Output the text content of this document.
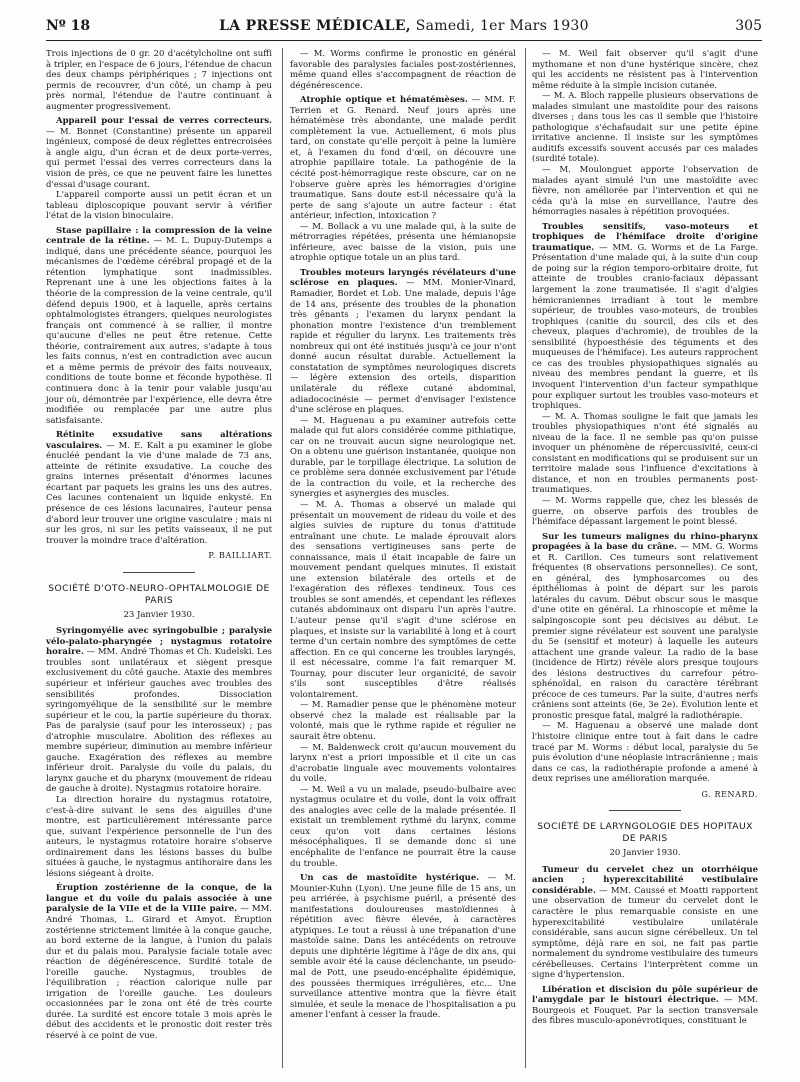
Nº 18	LA PRESSE MÉDICALE, Samedi, 1er Mars 1930	305

Trois injections de 0 gr. 20 d'acétylcholine ont suffi à tripler, en l'espace de 6 jours, l'étendue de chacun des deux champs périphériques ; 7 injections ont permis de recouvrer, d'un côté, un champ à peu près normal, l'étendue de l'autre continuant à augmenter progressivement.

Appareil pour l'essai de verres correcteurs. — M. Bonnet (Constantine) présente un appareil ingénieux, composé de deux réglettes entrecroisées à angle aigu, d'un écran et de deux porte-verres, qui permet l'essai des verres correcteurs dans la vision de près, ce que ne peuvent faire les lunettes d'essai d'usage courant.

L'appareil comporte aussi un petit écran et un tableau diploscopique pouvant servir à vérifier l'état de la vision binoculaire.

Stase papillaire : la compression de la veine centrale de la rétine. — M. L. Dupuy-Dutemps a indiqué, dans une précédente séance, pourquoi les mécanismes de l'œdème cérébral propagé et de la rétention lymphatique sont inadmissibles. Reprenant une à une les objections faites à la théorie de la compression de la veine centrale, qu'il défend depuis 1900, et à laquelle, après certains ophtalmologistes étrangers, quelques neurologistes français ont commencé à se rallier, il montre qu'aucune d'elles ne peut être retenue. Cette théorie, contrairement aux autres, s'adapte à tous les faits connus, n'est en contradiction avec aucun et a même permis de prévoir des faits nouveaux, conditions de toute bonne et féconde hypothèse. Il continuera donc à la tenir pour valable jusqu'au jour où, démontrée par l'expérience, elle devra être modifiée ou remplacée par une autre plus satisfaisante.

Rétinite exsudative sans altérations vasculaires. — M. E. Kalt a pu examiner le globe énucléé pendant la vie d'une malade de 73 ans, atteinte de rétinite exsudative. La couche des grains internes présentait d'énormes lacunes écartant par paquets les grains les uns des autres. Ces lacunes contenaient un liquide enkysté. En présence de ces lésions lacunaires, l'auteur pensa d'abord leur trouver une origine vasculaire ; mais ni sur les gros, ni sur les petits vaisseaux, il ne put trouver la moindre trace d'altération.

P. BAILLIART.

SOCIÉTÉ D'OTO-NEURO-OPHTALMOLOGIE DE PARIS

23 Janvier 1930.

Syringomyélie avec syringobulbie ; paralysie vélo-palato-pharyngée ; nystagmus rotatoire horaire. — MM. André Thomas et Ch. Kudelski. Les troubles sont unilatéraux et siègent presque exclusivement du côté gauche. Ataxie des membres supérieur et inférieur gauches avec troubles des sensibilités profondes. Dissociation syringomyélique de la sensibilité sur le membre supérieur et le cou, la partie supérieure du thorax. Pas de paralysie (sauf pour les interosseux) ; pas d'atrophie musculaire. Abolition des réflexes au membre supérieur, diminution au membre inférieur gauche. Exagération des réflexes au membre inférieur droit. Paralysie du voile du palais, du larynx gauche et du pharynx (mouvement de rideau de gauche à droite). Nystagmus rotatoire horaire.

La direction horaire du nystagmus rotatoire, c'est-à-dire suivant le sens des aiguilles d'une montre, est particulièrement intéressante parce que, suivant l'expérience personnelle de l'un des auteurs, le nystagmus rotatoire horaire s'observe ordinairement dans les lésions basses du bulbe situées à gauche, le nystagmus antihoraire dans les lésions siégeant à droite.

Éruption zostérienne de la conque, de la langue et du voile du palais associée à une paralysie de la VIIe et de la VIIIe paire. — MM. André Thomas, L. Girard et Amyot. Éruption zostérienne strictement limitée à la conque gauche, au bord externe de la langue, à l'union du palais dur et du palais mou. Paralysie faciale totale avec réaction de dégénérescence. Surdité totale de l'oreille gauche. Nystagmus, troubles de l'équilibration ; réaction calorique nulle par irrigation de l'oreille gauche. Les douleurs occasionnées par le zona ont été de très courte durée. La surdité est encore totale 3 mois après le début des accidents et le pronostic doit rester très réservé à ce point de vue.

— M. Worms confirme le pronostic en général favorable des paralysies faciales post-zostériennes, même quand elles s'accompagnent de réaction de dégénérescence.

Atrophie optique et hématémèses. — MM. F. Terrien et G. Renard. Neuf jours après une hématémèse très abondante, une malade perdit complètement la vue. Actuellement, 6 mois plus tard, on constate qu'elle perçoit à peine la lumière et, à l'examen du fond d'œil, on découvre une atrophie papillaire totale. La pathogénie de la cécité post-hémorragique reste obscure, car on ne l'observe guère après les hémorragies d'origine traumatique. Sans doute est-il nécessaire qu'à la perte de sang s'ajoute un autre facteur : état antérieur, infection, intoxication ?

— M. Bollack a vu une malade qui, à la suite de métrorragies répétées, présenta une hémianopsie inférieure, avec baisse de la vision, puis une atrophie optique totale un an plus tard.

Troubles moteurs laryngés révélateurs d'une sclérose en plaques. — MM. Monier-Vinard, Ramadier, Bordet et Lob. Une malade, depuis l'âge de 14 ans, présente des troubles de la phonation très gênants ; l'examen du larynx pendant la phonation montre l'existence d'un tremblement rapide et régulier du larynx. Les traitements très nombreux qui ont été institués jusqu'à ce jour n'ont donné aucun résultat durable. Actuellement la constatation de symptômes neurologiques discrets — légère extension des orteils, disparition unilatérale du réflexe cutané abdominal, adiadococinésie — permet d'envisager l'existence d'une sclérose en plaques.

— M. Haguenau a pu examiner autrefois cette malade qui fut alors considérée comme pithiatique, car on ne trouvait aucun signe neurologique net. On a obtenu une guérison instantanée, quoique non durable, par le torpillage électrique. La solution de ce problème sera donnée exclusivement par l'étude de la contraction du voile, et la recherche des synergies et asynergies des muscles.

— M. A. Thomas a observé un malade qui présentait un mouvement de rideau du voile et des algies suivies de rupture du tonus d'attitude entraînant une chute. Le malade éprouvait alors des sensations vertigineuses sans perte de connaissance, mais il était incapable de faire un mouvement pendant quelques minutes. Il existait une extension bilatérale des orteils et de l'exagération des réflexes tendineux. Tous ces troubles se sont amendés, et cependant les réflexes cutanés abdominaux ont disparu l'un après l'autre. L'auteur pense qu'il s'agit d'une sclérose en plaques, et insiste sur la variabilité à long et à court terme d'un certain nombre des symptômes de cette affection. En ce qui concerne les troubles laryngés, il est nécessaire, comme l'a fait remarquer M. Tournay, pour discuter leur organicité, de savoir s'ils sont susceptibles d'être réalisés volontairement.

— M. Ramadier pense que le phénomène moteur observé chez la malade est réalisable par la volonté, mais que le rythme rapide et régulier ne saurait être obtenu.

— M. Baldenweck croit qu'aucun mouvement du larynx n'est a priori impossible et il cite un cas d'acrobatie linguale avec mouvements volontaires du voile.

— M. Weil a vu un malade, pseudo-bulbaire avec nystagmus oculaire et du voile, dont la voix offrait des analogies avec celle de la malade présentée. Il existait un tremblement rythmé du larynx, comme ceux qu'on voit dans certaines lésions mésocéphaliques. Il se demande donc si une encéphalite de l'enfance ne pourrait être la cause du trouble.

Un cas de mastoïdite hystérique. — M. Mounier-Kuhn (Lyon). Une jeune fille de 15 ans, un peu arriérée, à psychisme puéril, a présenté des manifestations douloureuses mastoïdiennes à répétition avec fièvre élevée, à caractères atypiques. Le tout a réussi à une trépanation d'une mastoïde saine. Dans les antécédents on retrouve depuis une diphtérie légitime à l'âge de dix ans, qui semble avoir été la cause déclenchante, un pseudo-mal de Pott, une pseudo-encéphalite épidémique, des poussées thermiques irrégulières, etc... Une surveillance attentive montra que la fièvre était simulée, et seule la menace de l'hospitalisation a pu amener l'enfant à cesser la fraude.

— M. Weil fait observer qu'il s'agit d'une mythomane et non d'une hystérique sincère, chez qui les accidents ne résistent pas à l'intervention même réduite à la simple incision cutanée.

— M. A. Bloch rappelle plusieurs observations de malades simulant une mastoïdite pour des raisons diverses ; dans tous les cas il semble que l'histoire pathologique s'échafaudait sur une petite épine irritative ancienne. Il insiste sur les symptômes auditifs excessifs souvent accusés par ces malades (surdité totale).

— M. Moulonguet apporte l'observation de malades ayant simulé l'un une mastoïdite avec fièvre, non améliorée par l'intervention et qui ne céda qu'à la mise en surveillance, l'autre des hémorragies nasales à répétition provoquées.

Troubles sensitifs, vaso-moteurs et trophiques de l'hémiface droite d'origine traumatique. — MM. G. Worms et de La Farge. Présentation d'une malade qui, à la suite d'un coup de poing sur la région temporo-orbitaire droite, fut atteinte de troubles cranio-faciaux dépassant largement la zone traumatisée. Il s'agit d'algies hémicraniennes irradiant à tout le membre supérieur, de troubles vaso-moteurs, de troubles trophiques (canitie du sourcil, des cils et des cheveux, plaques d'achromie), de troubles de la sensibilité (hypoesthésie des téguments et des muqueuses de l'hémiface). Les auteurs rapprochent ce cas des troubles physiopathiques signalés au niveau des membres pendant la guerre, et ils invoquent l'intervention d'un facteur sympathique pour expliquer surtout les troubles vaso-moteurs et trophiques.

— M. A. Thomas souligne le fait que jamais les troubles physiopathiques n'ont été signalés au niveau de la face. Il ne semble pas qu'on puisse invoquer un phénomène de répercussivité, ceux-ci consistant en modifications qui se produisent sur un territoire malade sous l'influence d'excitations à distance, et non en troubles permanents post-traumatiques.

— M. Worms rappelle que, chez les blessés de guerre, on observe parfois des troubles de l'hémiface dépassant largement le point blessé.

Sur les tumeurs malignes du rhino-pharynx propagées à la base du crâne. — MM. G. Worms et R. Carillon. Ces tumeurs sont relativement fréquentes (8 observations personnelles). Ce sont, en général, des lymphosarcomes ou des épithéliomas à point de départ sur les parois latérales du cavum. Début obscur sous le masque d'une otite en général. La rhinoscopie et même la salpingoscopie sont peu décisives au début. Le premier signe révélateur est souvent une paralysie du 5e (sensitif et moteur) à laquelle les auteurs attachent une grande valeur. La radio de la base (incidence de Hirtz) révèle alors presque toujours des lésions destructives du carrefour pétro-sphénoïdal, en raison du caractère térébrant précoce de ces tumeurs. Par la suite, d'autres nerfs crâniens sont atteints (6e, 3e 2e). Évolution lente et pronostic presque fatal, malgré la radiothérapie.

— M. Haguenau a observé une malade dont l'histoire clinique entre tout à fait dans le cadre tracé par M. Worms : début local, paralysie du 5e puis évolution d'une néoplasie intracrânienne ; mais dans ce cas, la radiothérapie profonde a amené à deux reprises une amélioration marquée.

G. RENARD.

SOCIÉTÉ DE LARYNGOLOGIE DES HOPITAUX DE PARIS

20 Janvier 1930.

Tumeur du cervelet chez un otorrhéique ancien ; hyperexcitabilité vestibulaire considérable. — MM. Caussé et Moatti rapportent une observation de tumeur du cervelet dont le caractère le plus remarquable consiste en une hyperexcitabilité vestibulaire unilatérale considérable, sans aucun signe cérébelleux. Un tel symptôme, déjà rare en soi, ne fait pas partie normalement du syndrome vestibulaire des tumeurs cérébelleuses. Certains l'interprètent comme un signe d'hypertension.

Libération et discision du pôle supérieur de l'amygdale par le bistouri électrique. — MM. Bourgeois et Fouquet. Par la section transversale des fibres musculo-aponévrotiques, constituant le
